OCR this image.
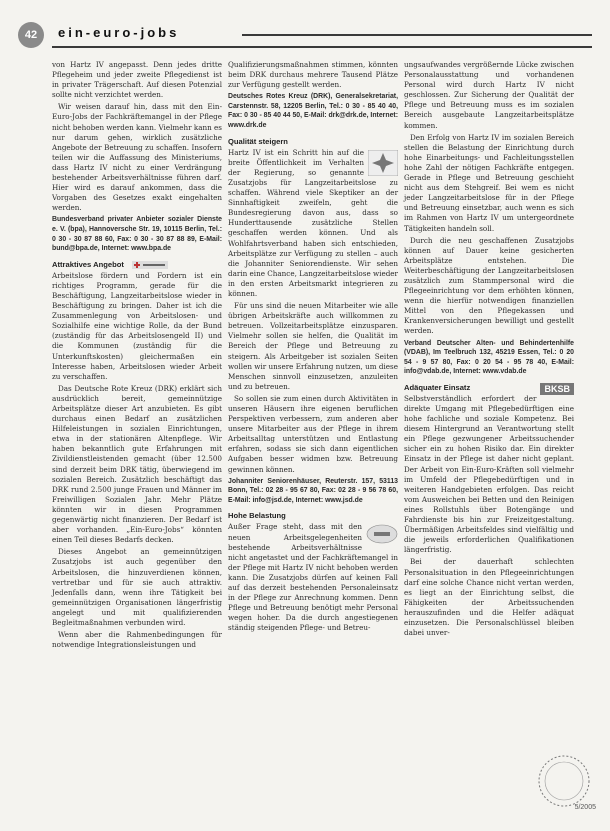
42	ein-euro-jobs

von Hartz IV angepasst. Denn jedes dritte Pflegeheim und jeder zweite Pflegedienst ist in privater Trägerschaft. Auf diesen Potenzial sollte nicht verzichtet werden.

Wir weisen darauf hin, dass mit den Ein-Euro-Jobs der Fachkräftemangel in der Pflege nicht behoben werden kann. Vielmehr kann es nur darum gehen, wirklich zusätzliche Angebote der Betreuung zu schaffen. Insofern teilen wir die Auffassung des Ministeriums, dass Hartz IV nicht zu einer Verdrängung bestehender Arbeitsverhältnisse führen darf. Hier wird es darauf ankommen, dass die Vorgaben des Gesetzes exakt eingehalten werden.

Bundesverband privater Anbieter sozialer Dienste e. V. (bpa), Hannoversche Str. 19, 10115 Berlin, Tel.: 0 30 - 30 87 88 60, Fax: 0 30 - 30 87 88 89, E-Mail: bund@bpa.de, Internet: www.bpa.de

Attraktives Angebot

Arbeitslose fördern und Fordern ist ein richtiges Programm, gerade für die Beschäftigung, Langzeitarbeitslose wieder in Beschäftigung zu bringen. Daher ist ich die Zusammenlegung von Arbeitslosen- und Sozialhilfe eine wichtige Rolle, da der Bund (zuständig für das Arbeitslosengeld II) und die Kommunen (zuständig für die Unterkunftskosten) gleichermaßen ein Interesse haben, Arbeitslosen wieder Arbeit zu verschaffen.

Das Deutsche Rote Kreuz (DRK) erklärt sich ausdrücklich bereit, gemeinnützige Arbeitsplätze dieser Art anzubieten. Es gibt durchaus einen Bedarf an zusätzlichen Hilfeleistungen in sozialen Einrichtungen, etwa in der stationären Altenpflege. Wir haben bekanntlich gute Erfahrungen mit Zivildienstleistenden gemacht (über 12.500 sind derzeit beim DRK tätig, überwiegend im sozialen Bereich. Zusätzlich beschäftigt das DRK rund 2.500 junge Frauen und Männer im Freiwilligen Sozialen Jahr. Mehr Plätze könnten wir in diesen Programmen gegenwärtig nicht finanzieren. Der Bedarf ist aber vorhanden. „Ein-Euro-Jobs“ könnten einen Teil dieses Bedarfs decken.

Dieses Angebot an gemeinnützigen Zusatzjobs ist auch gegenüber den Arbeitslosen, die hinzuverdienen können, vertretbar und für sie auch attraktiv. Jedenfalls dann, wenn ihre Tätigkeit bei gemeinnützigen Organisationen längerfristig angelegt und mit qualifizierenden Begleitmaßnahmen verbunden wird.

Wenn aber die Rahmenbedingungen für notwendige Integrationsleistungen und

Qualifizierungsmaßnahmen stimmen, könnten beim DRK durchaus mehrere Tausend Plätze zur Verfügung gestellt werden.

Deutsches Rotes Kreuz (DRK), Generalsekretariat, Carstennstr. 58, 12205 Berlin, Tel.: 0 30 - 85 40 40, Fax: 0 30 - 85 40 44 50, E-Mail: drk@drk.de, Internet: www.drk.de

Qualität steigern

Hartz IV ist ein Schritt hin auf die breite Öffentlichkeit im Verhalten der Regierung, so genannte Zusatzjobs für Langzeitarbeitslose zu schaffen. Während viele Skeptiker an der Sinnhaftigkeit zweifeln, geht die Bundesregierung davon aus, dass so Hunderttausende zusätzliche Stellen geschaffen werden können. Und als Wohlfahrtsverband haben sich entschieden, Arbeitsplätze zur Verfügung zu stellen – auch die Johanniter Seniorendienste. Wir sehen darin eine Chance, Langzeitarbeitslose wieder in den ersten Arbeitsmarkt integrieren zu können.

Für uns sind die neuen Mitarbeiter wie alle übrigen Arbeitskräfte auch willkommen zu betreuen. Vollzeitarbeitsplätze einzusparen. Vielmehr sollen sie helfen, die Qualität im Bereich der Pflege und Betreuung zu steigern. Als Arbeitgeber ist sozialen Seiten wollen wir unsere Erfahrung nutzen, um diese Menschen sinnvoll einzusetzen, anzuleiten und zu betreuen.

So sollen sie zum einen durch Aktivitäten in unseren Häusern ihre eigenen beruflichen Perspektiven verbessern, zum anderen aber unsere Mitarbeiter aus der Pflege in ihrem Arbeitsalltag unterstützen und Entlastung erfahren, sodass sie sich dann eigentlichen Aufgaben besser widmen bzw. Betreuung gewinnen können.

Johanniter Seniorenhäuser, Reuterstr. 157, 53113 Bonn, Tel.: 02 28 - 95 67 80, Fax: 02 28 - 9 56 78 60, E-Mail: info@jsd.de, Internet: www.jsd.de

Hohe Belastung

Außer Frage steht, dass mit den neuen Arbeitsgelegenheiten bestehende Arbeitsverhältnisse nicht angetastet und der Fachkräftemangel in der Pflege mit Hartz IV nicht behoben werden kann. Die Zusatzjobs dürfen auf keinen Fall auf das derzeit bestehenden Personaleinsatz in der Pflege zur Anrechnung kommen. Denn Pflege und Betreuung benötigt mehr Personal wegen hoher. Da die durch angestiegenen ständig steigenden Pflege- und Betreu-

ungsaufwandes vergrößernde Lücke zwischen Personalausstattung und vorhandenen Personal wird durch Hartz IV nicht geschlossen. Zur Sicherung der Qualität der Pflege und Betreuung muss es im sozialen Bereich ausgebaute Langzeitarbeitsplätze kommen.

Den Erfolg von Hartz IV im sozialen Bereich stellen die Belastung der Einrichtung durch hohe Einarbeitungs- und Fachleitungsstellen hohe Zahl der nötigen Fachkräfte entgegen. Gerade in Pflege und Betreuung geschieht nicht aus dem Stehgreif. Bei wem es nicht jeder Langzeitarbeitslose für in der Pflege und Betreuung einsetzbar, auch wenn es sich im Rahmen von Hartz IV um untergeordnete Tätigkeiten handeln soll.

Durch die neu geschaffenen Zusatzjobs können auf Dauer keine gesicherten Arbeitsplätze entstehen. Die Weiterbeschäftigung der Langzeitarbeitslosen zusätzlich zum Stammpersonal wird die Pflegeeinrichtung vor dem erhöhten können, wenn die hierfür notwendigen finanziellen Mittel von den Pflegekassen und Krankenversicherungen bewilligt und gestellt werden.

Verband Deutscher Alten- und Behindertenhilfe (VDAB), Im Teelbruch 132, 45219 Essen, Tel.: 0 20 54 - 9 57 80, Fax: 0 20 54 - 95 78 40, E-Mail: info@vdab.de, Internet: www.vdab.de

BKSB
Adäquater Einsatz

Selbstverständlich erfordert der direkte Umgang mit Pflegebedürftigen eine hohe fachliche und soziale Kompetenz. Bei diesem Hintergrund an Verantwortung stellt ein Pflege gezwungener Arbeitssuchender sicher ein zu hohen Risiko dar. Ein direkter Einsatz in der Pflege ist daher nicht geplant. Der Arbeit von Ein-Euro-Kräften soll vielmehr im Umfeld der Pflegebedürftigen und in weiteren Handgebieten erfolgen. Das reicht vom Ausweichen bei Betten und den Reinigen eines Rollstuhls über Botengänge und Fahrdienste bis hin zur Freizeitgestaltung. Übermäßigen Arbeitsfeldes sind vielfältig und die jeweils erforderlichen Qualifikationen längerfristig.

Bei der dauerhaft schlechten Personalsituation in den Pflegeeinrichtungen darf eine solche Chance nicht vertan werden, es liegt an der Einrichtung selbst, die Fähigkeiten der Arbeitssuchenden herauszufinden und die Helfer adäquat einzusetzen. Die Personalschlüssel bleiben dabei unver-

5/2005
